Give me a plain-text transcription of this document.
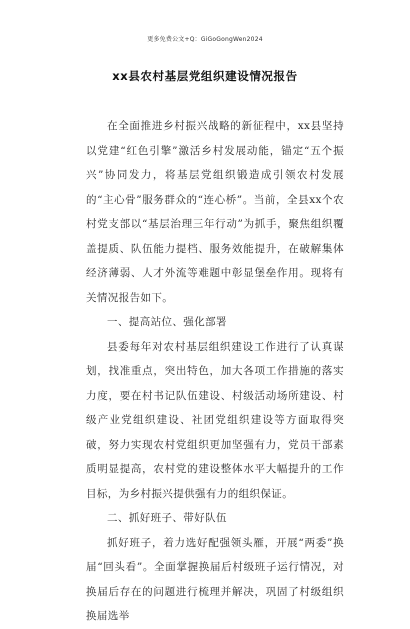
更多免费公文+Q：GiGoGongWen2024
xx县农村基层党组织建设情况报告

在全面推进乡村振兴战略的新征程中，xx县坚持以党建“红色引擎”激活乡村发展动能，锚定“五个振兴”协同发力，将基层党组织锻造成引领农村发展的“主心骨”服务群众的“连心桥”。当前，全县xx个农村党支部以“基层治理三年行动”为抓手，聚焦组织覆盖提质、队伍能力提档、服务效能提升，在破解集体经济薄弱、人才外流等难题中彰显堡垒作用。现将有关情况报告如下。

一、提高站位、强化部署

县委每年对农村基层组织建设工作进行了认真谋划，找准重点，突出特色，加大各项工作措施的落实力度，要在村书记队伍建设、村级活动场所建设、村级产业党组织建设、社团党组织建设等方面取得突破，努力实现农村党组织更加坚强有力，党员干部素质明显提高，农村党的建设整体水平大幅提升的工作目标，为乡村振兴提供强有力的组织保证。

二、抓好班子、带好队伍

抓好班子，着力选好配强领头雁，开展“两委”换届“回头看”。全面掌握换届后村级班子运行情况，对换届后存在的问题进行梳理并解决，巩固了村级组织换届选举
